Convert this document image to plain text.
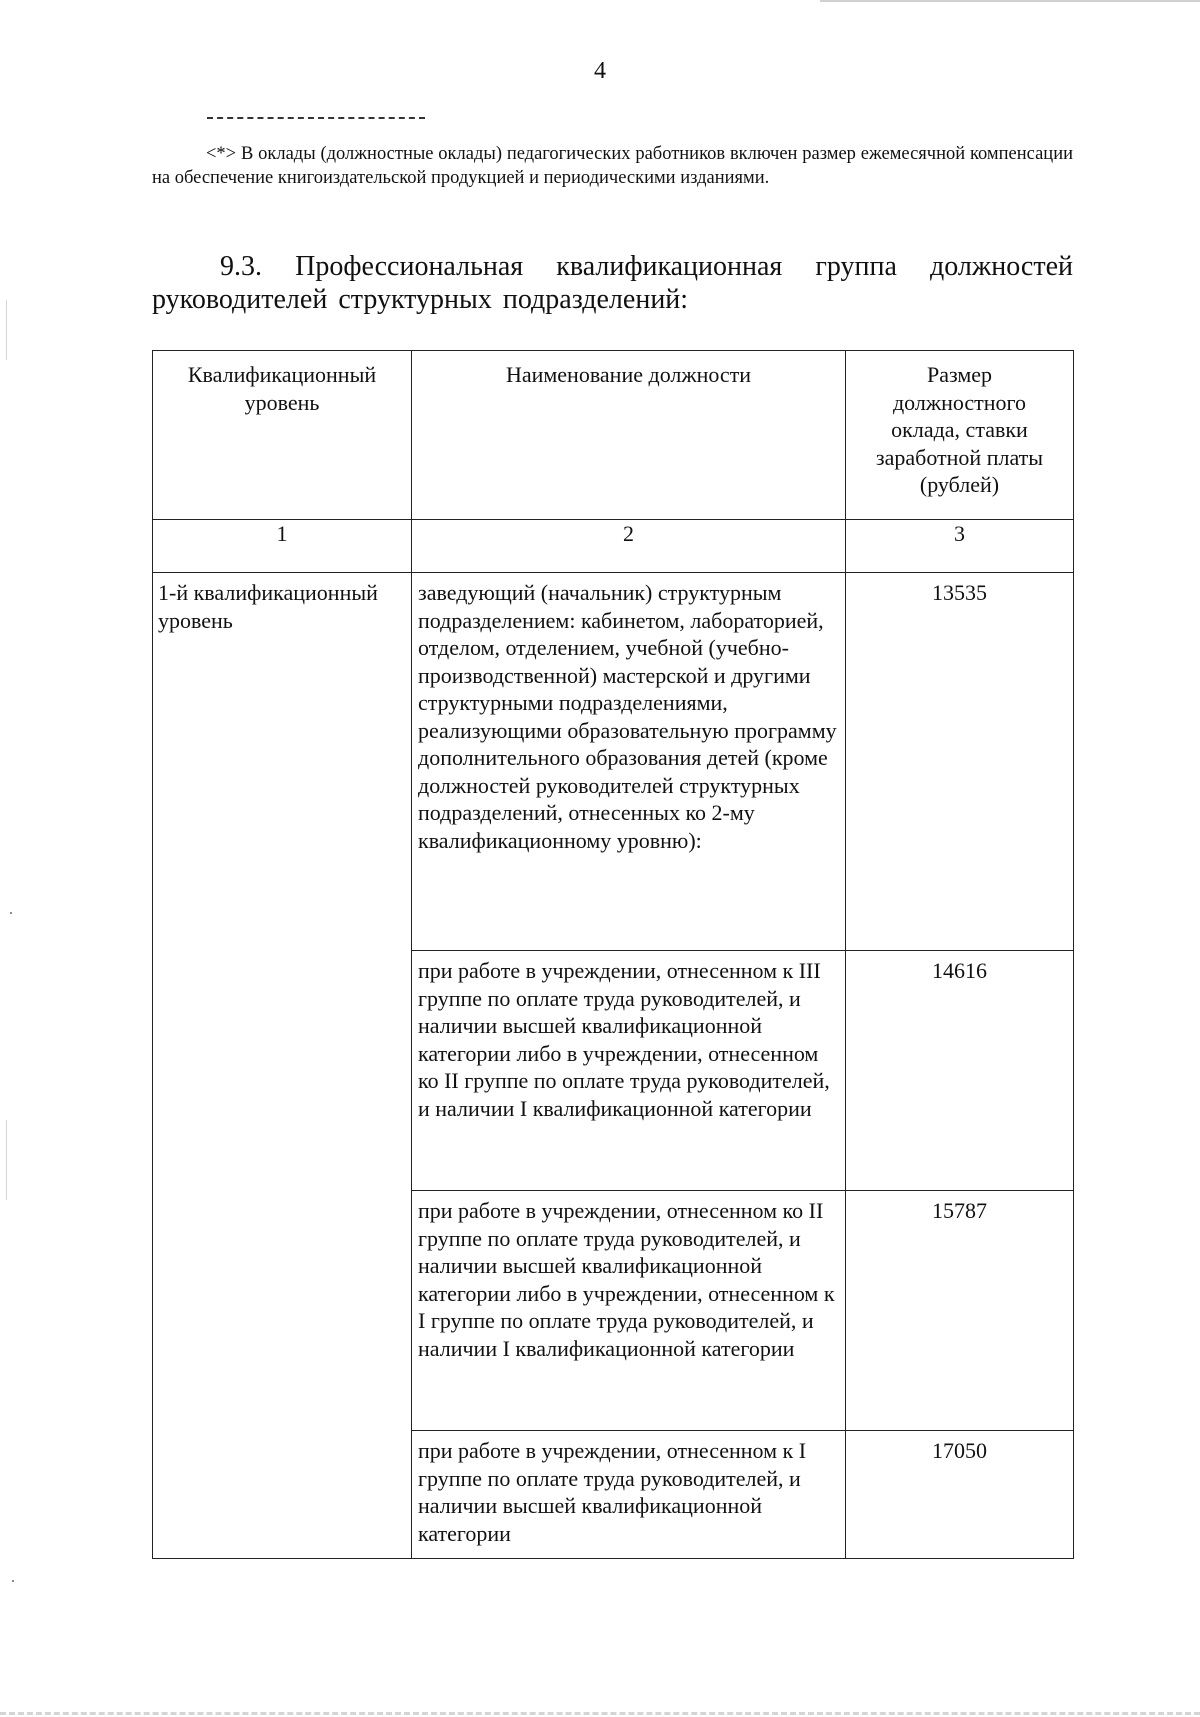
4
<*> В оклады (должностные оклады) педагогических работников включен размер ежемесячной компенсации на обеспечение книгоиздательской продукцией и периодическими изданиями.
9.3. Профессиональная квалификационная группа должностей руководителей структурных подразделений:
Квалификационный уровень	Наименование должности	Размер должностного оклада, ставки заработной платы (рублей)

1	2	3
1-й квалификационный уровень	заведующий (начальник) структурным подразделением: кабинетом, лабораторией, отделом, отделением, учебной (учебно-производственной) мастерской и другими структурными подразделениями, реализующими образовательную программу дополнительного образования детей (кроме должностей руководителей структурных подразделений, отнесенных ко 2-му квалификационному уровню):	13535
	при работе в учреждении, отнесенном к III группе по оплате труда руководителей, и наличии высшей квалификационной категории либо в учреждении, отнесенном ко II группе по оплате труда руководителей, и наличии I квалификационной категории	14616
	при работе в учреждении, отнесенном ко II группе по оплате труда руководителей, и наличии высшей квалификационной категории либо в учреждении, отнесенном к I группе по оплате труда руководителей, и наличии I квалификационной категории	15787
	при работе в учреждении, отнесенном к I группе по оплате труда руководителей, и наличии высшей квалификационной категории	17050
